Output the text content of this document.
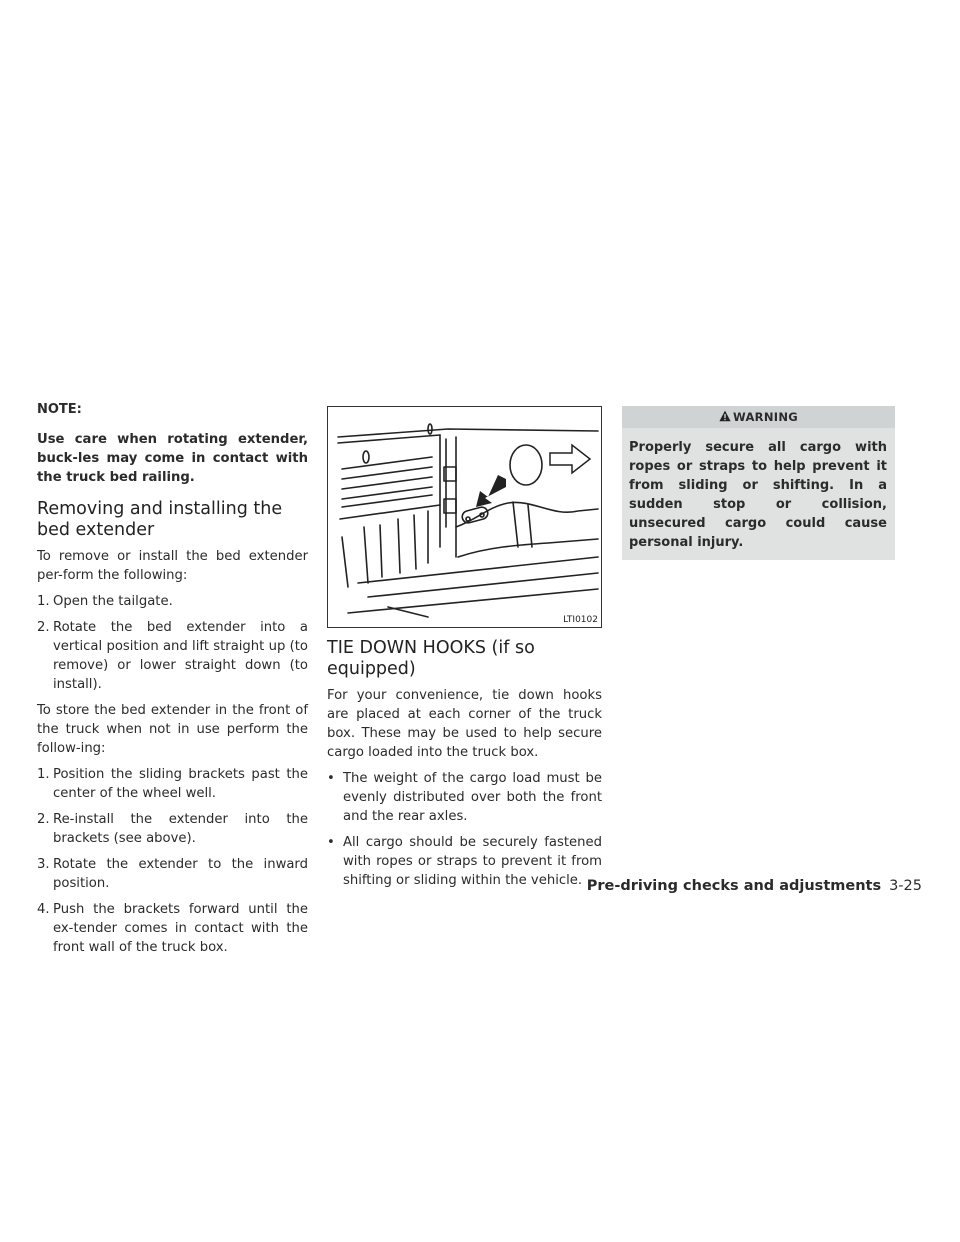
NOTE:
Use care when rotating extender, buck-les may come in contact with the truck bed railing.
Removing and installing the bed extender

To remove or install the bed extender per-form the following:

1. Open the tailgate.
2. Rotate the bed extender into a vertical position and lift straight up (to remove) or lower straight down (to install).

To store the bed extender in the front of the truck when not in use perform the follow-ing:

1. Position the sliding brackets past the center of the wheel well.
2. Re-install the extender into the brackets (see above).
3. Rotate the extender to the inward position.
4. Push the brackets forward until the ex-tender comes in contact with the front wall of the truck box.
LTI0102
TIE DOWN HOOKS (if so equipped)

For your convenience, tie down hooks are placed at each corner of the truck box. These may be used to help secure cargo loaded into the truck box.

• The weight of the cargo load must be evenly distributed over both the front and the rear axles.
• All cargo should be securely fastened with ropes or straps to prevent it from shifting or sliding within the vehicle.
WARNING
Properly secure all cargo with ropes or straps to help prevent it from sliding or shifting. In a sudden stop or collision, unsecured cargo could cause personal injury.
Pre-driving checks and adjustments 3-25
